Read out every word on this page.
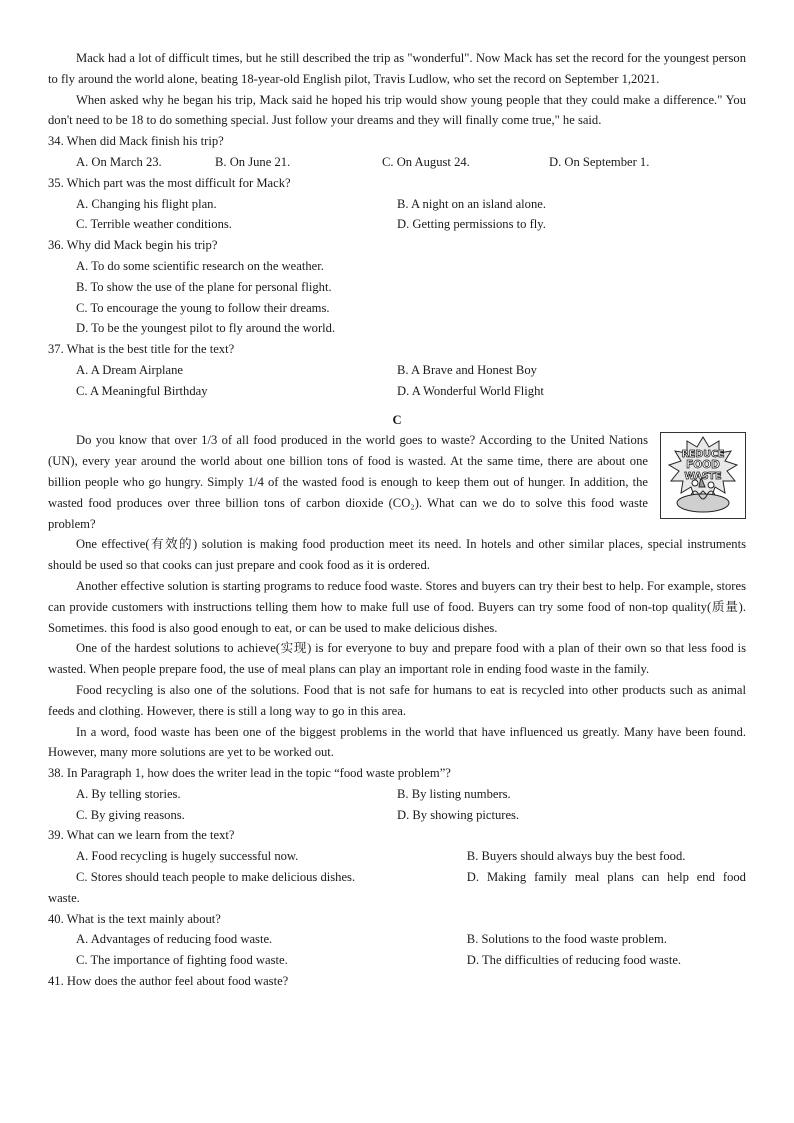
Mack had a lot of difficult times, but he still described the trip as "wonderful". Now Mack has set the record for the youngest person to fly around the world alone, beating 18-year-old English pilot, Travis Ludlow, who set the record on September 1,2021.

When asked why he began his trip, Mack said he hoped his trip would show young people that they could make a difference." You don't need to be 18 to do something special. Just follow your dreams and they will finally come true," he said.

34. When did Mack finish his trip?

A. On March 23.	B. On June 21.	C. On August 24.	D. On September 1.

35. Which part was the most difficult for Mack?

A. Changing his flight plan.	B. A night on an island alone.
C. Terrible weather conditions.	D. Getting permissions to fly.

36. Why did Mack begin his trip?

A. To do some scientific research on the weather.

B. To show the use of the plane for personal flight.

C. To encourage the young to follow their dreams.

D. To be the youngest pilot to fly around the world.

37. What is the best title for the text?

A. A Dream Airplane	B. A Brave and Honest Boy
C. A Meaningful Birthday	D. A Wonderful World Flight

C

REDUCE
FOOD
WASTE

Do you know that over 1/3 of all food produced in the world goes to waste? According to the United Nations (UN), every year around the world about one billion tons of food is wasted. At the same time, there are about one billion people who go hungry. Simply 1/4 of the wasted food is enough to keep them out of hunger. In addition, the wasted food produces over three billion tons of carbon dioxide (CO₂). What can we do to solve this food waste problem?

One effective(有效的) solution is making food production meet its need. In hotels and other similar places, special instruments should be used so that cooks can just prepare and cook food as it is ordered.

Another effective solution is starting programs to reduce food waste. Stores and buyers can try their best to help. For example, stores can provide customers with instructions telling them how to make full use of food. Buyers can try some food of non-top quality(质量). Sometimes. this food is also good enough to eat, or can be used to make delicious dishes.

One of the hardest solutions to achieve(实现) is for everyone to buy and prepare food with a plan of their own so that less food is wasted. When people prepare food, the use of meal plans can play an important role in ending food waste in the family.

Food recycling is also one of the solutions. Food that is not safe for humans to eat is recycled into other products such as animal feeds and clothing. However, there is still a long way to go in this area.

In a word, food waste has been one of the biggest problems in the world that have influenced us greatly. Many have been found. However, many more solutions are yet to be worked out.

38. In Paragraph 1, how does the writer lead in the topic “food waste problem”?

A. By telling stories.	B. By listing numbers.
C. By giving reasons.	D. By showing pictures.

39. What can we learn from the text?

A. Food recycling is hugely successful now.	B. Buyers should always buy the best food.
C. Stores should teach people to make delicious dishes.	D. Making family meal plans can help end food

waste.

40. What is the text mainly about?

A. Advantages of reducing food waste.	B. Solutions to the food waste problem.
C. The importance of fighting food waste.	D. The difficulties of reducing food waste.

41. How does the author feel about food waste?
